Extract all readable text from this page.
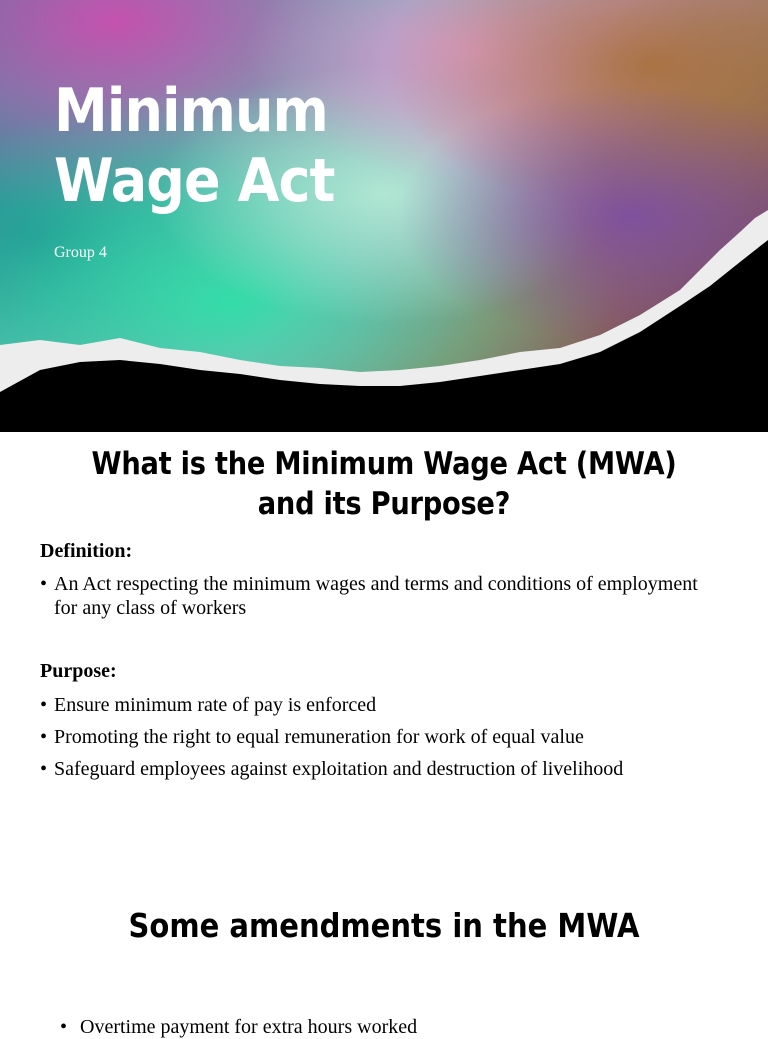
Minimum
Wage Act
Group 4
What is the Minimum Wage Act (MWA) and its Purpose?
Definition:
• An Act respecting the minimum wages and terms and conditions of employment for any class of workers
Purpose:
• Ensure minimum rate of pay is enforced
• Promoting the right to equal remuneration for work of equal value
• Safeguard employees against exploitation and destruction of livelihood
Some amendments in the MWA
• Overtime payment for extra hours worked
